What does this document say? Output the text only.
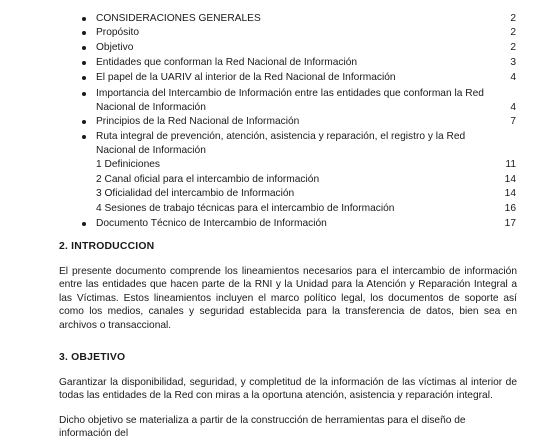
CONSIDERACIONES GENERALES	2
Propósito	2
Objetivo	2
Entidades que conforman la Red Nacional de Información	3
El papel de la UARIV al interior de la Red Nacional de Información	4
Importancia del Intercambio de Información entre las entidades que conforman la Red Nacional de Información	4
Principios de la Red Nacional de Información	7
Ruta integral de prevención, atención, asistencia y reparación, el registro y la Red Nacional de Información
1 Definiciones	11
2 Canal oficial para el intercambio de información	14
3 Oficialidad del intercambio de Información	14
4 Sesiones de trabajo técnicas para el intercambio de Información	16
Documento Técnico de Intercambio de Información	17
2. INTRODUCCION
El presente documento comprende los lineamientos necesarios para el intercambio de información entre las entidades que hacen parte de la RNI y la Unidad para la Atención y Reparación Integral a las Víctimas. Estos lineamientos incluyen el marco político legal, los documentos de soporte así como los medios, canales y seguridad establecida para la transferencia de datos, bien sea en archivos o transaccional.
3. OBJETIVO
Garantizar la disponibilidad, seguridad, y completitud de la información de las víctimas al interior de todas las entidades de la Red con miras a la oportuna atención, asistencia y reparación integral.
Dicho objetivo se materializa a partir de la construcción de herramientas para el diseño de información del
